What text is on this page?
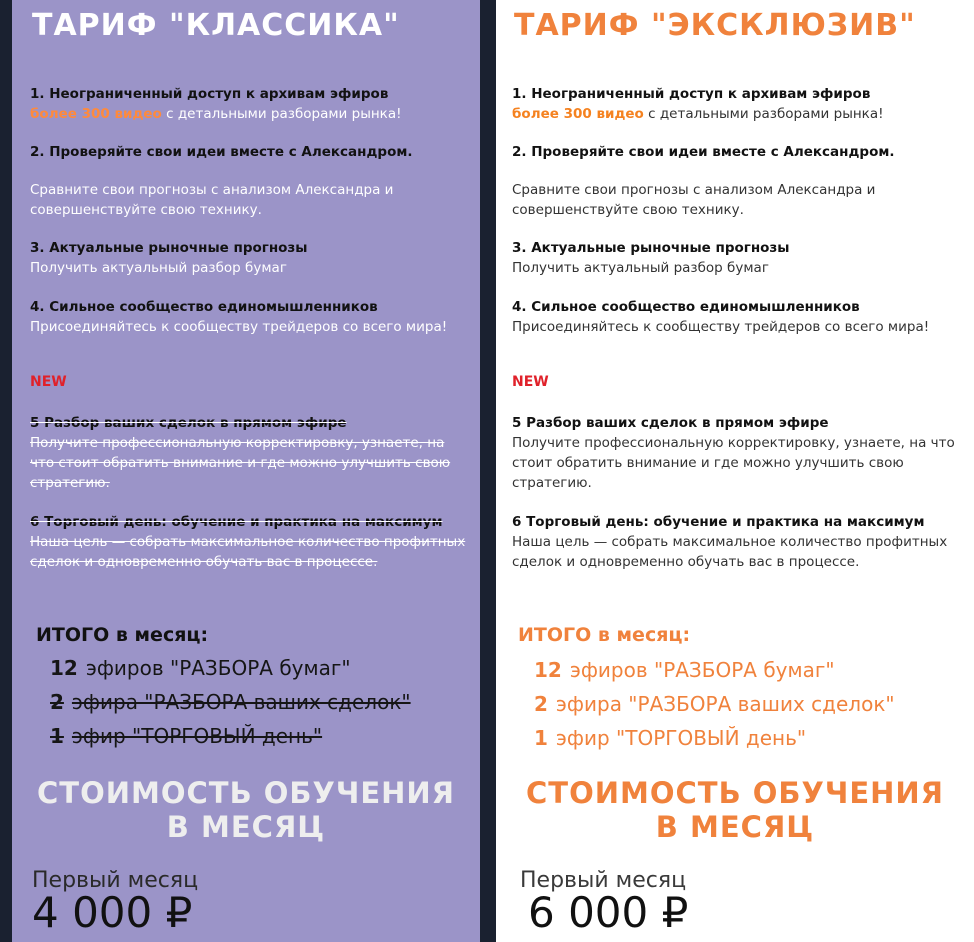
ТАРИФ "КЛАССИКА"
1. Неограниченный доступ к архивам эфиров
более 300 видео с детальными разборами рынка!
2. Проверяйте свои идеи вместе с Александром.
Сравните свои прогнозы с анализом Александра и совершенствуйте свою технику.
3. Актуальные рыночные прогнозы
Получить актуальный разбор бумаг
4. Сильное сообщество единомышленников
Присоединяйтесь к сообществу трейдеров со всего мира!
NEW
5 Разбор ваших сделок в прямом эфире
Получите профессиональную корректировку, узнаете, на что стоит обратить внимание и где можно улучшить свою стратегию.
6 Торговый день: обучение и практика на максимум
Наша цель — собрать максимальное количество профитных сделок и одновременно обучать вас в процессе.
ИТОГО в месяц:
12 эфиров "РАЗБОРА бумаг"
2 эфира "РАЗБОРА ваших сделок"
1 эфир "ТОРГОВЫЙ день"
СТОИМОСТЬ ОБУЧЕНИЯ
В МЕСЯЦ
Первый месяц
4 000 ₽
ТАРИФ "ЭКСКЛЮЗИВ"
1. Неограниченный доступ к архивам эфиров
более 300 видео с детальными разборами рынка!
2. Проверяйте свои идеи вместе с Александром.
Сравните свои прогнозы с анализом Александра и совершенствуйте свою технику.
3. Актуальные рыночные прогнозы
Получить актуальный разбор бумаг
4. Сильное сообщество единомышленников
Присоединяйтесь к сообществу трейдеров со всего мира!
NEW
5 Разбор ваших сделок в прямом эфире
Получите профессиональную корректировку, узнаете, на что стоит обратить внимание и где можно улучшить свою стратегию.
6 Торговый день: обучение и практика на максимум
Наша цель — собрать максимальное количество профитных сделок и одновременно обучать вас в процессе.
ИТОГО в месяц:
12 эфиров "РАЗБОРА бумаг"
2 эфира "РАЗБОРА ваших сделок"
1 эфир "ТОРГОВЫЙ день"
СТОИМОСТЬ ОБУЧЕНИЯ
В МЕСЯЦ
Первый месяц
6 000 ₽
